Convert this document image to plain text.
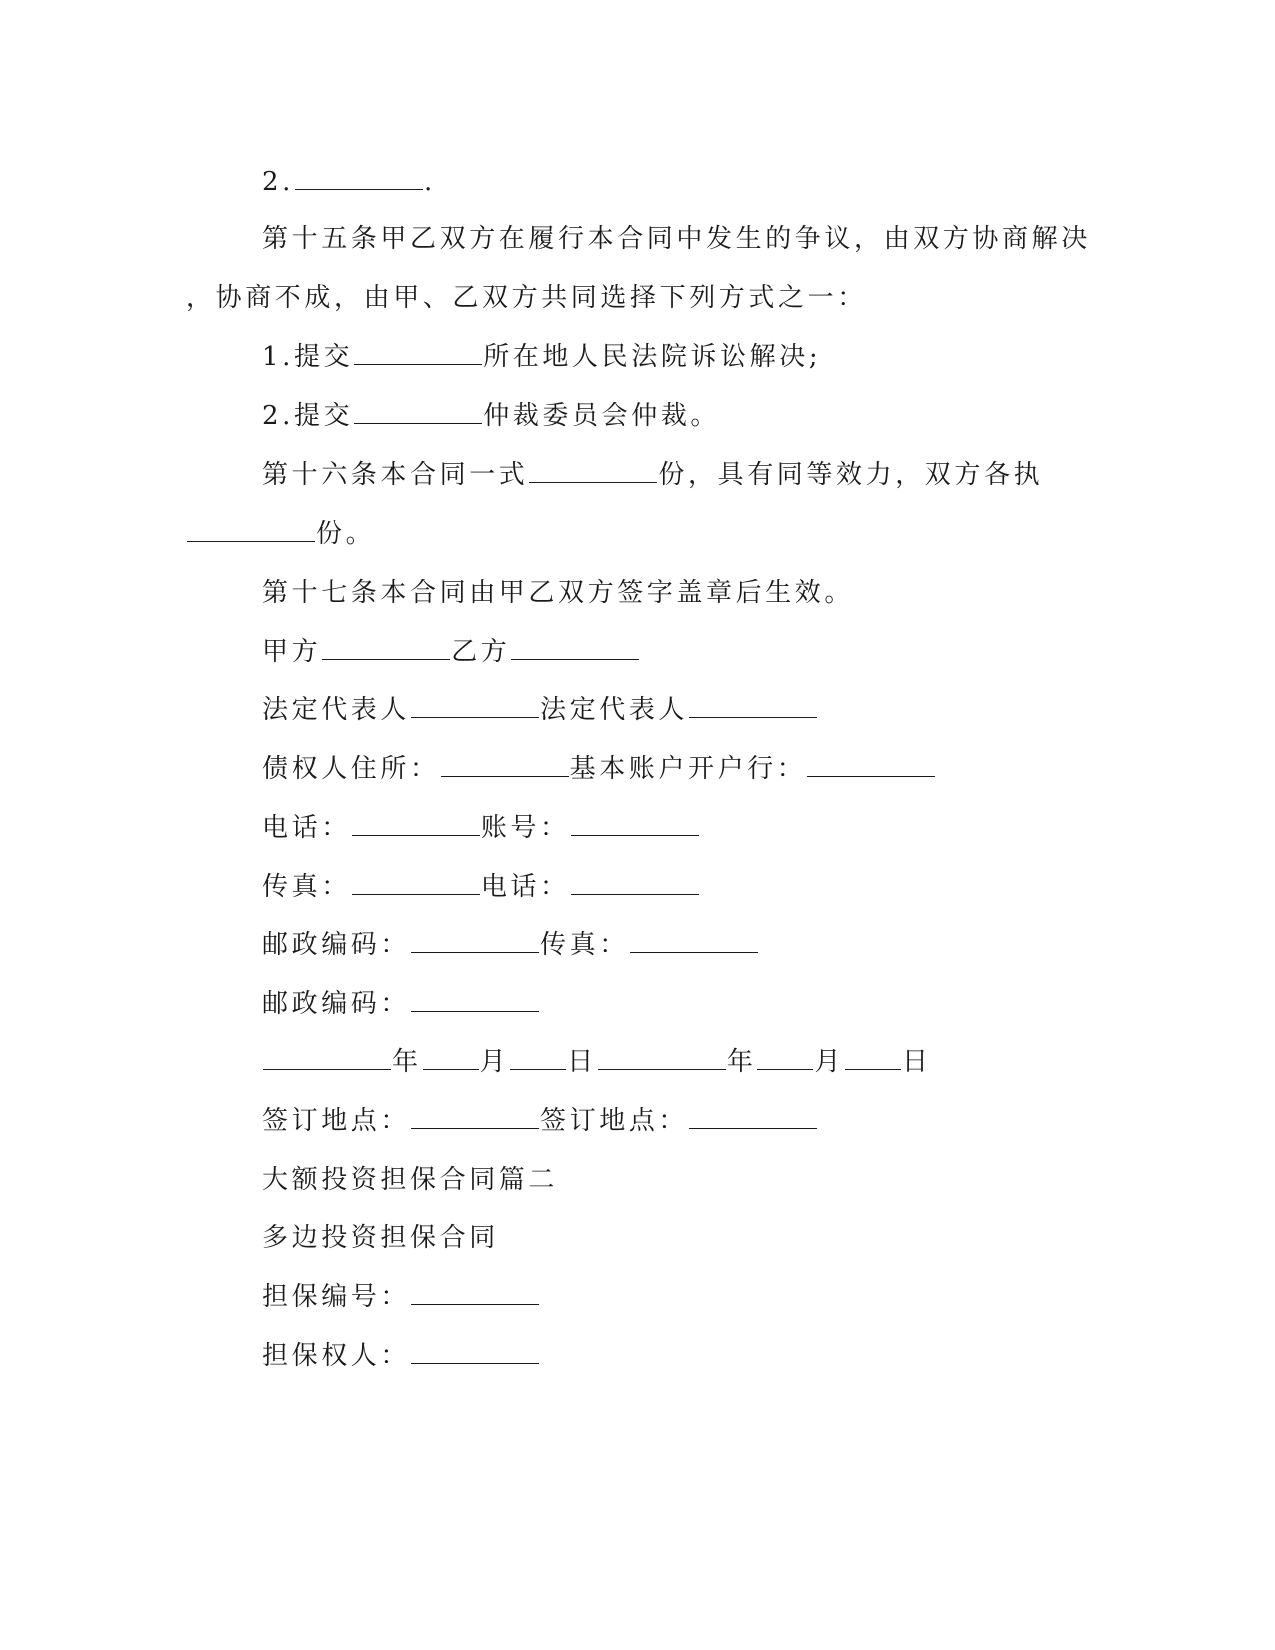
2.	.
第十五条甲乙双方在履行本合同中发生的争议，由双方协商解决
，协商不成，由甲、乙双方共同选择下列方式之一：
1.提交	所在地人民法院诉讼解决;
2.提交	仲裁委员会仲裁。
第十六条本合同一式	份，具有同等效力，双方各执
份。
第十七条本合同由甲乙双方签字盖章后生效。
甲方	乙方
法定代表人	法定代表人
债权人住所：	基本账户开户行：
电话：	账号：
传真：	电话：
邮政编码：	传真：
邮政编码：
年 月 日	年 月 日
签订地点：	签订地点：
大额投资担保合同篇二
多边投资担保合同
担保编号：
担保权人：
